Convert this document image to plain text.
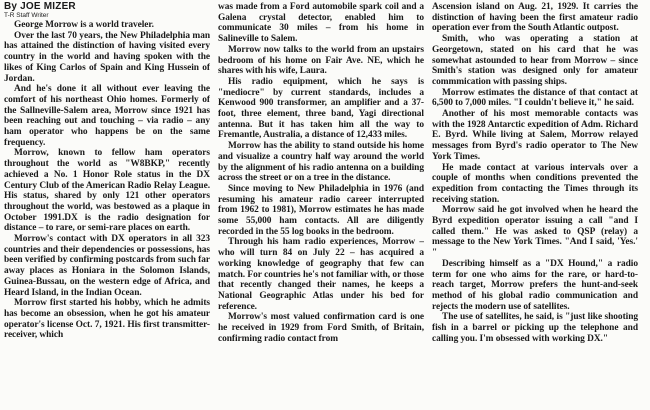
By JOE MIZER
T-R Staff Writer

George Morrow is a world traveler.

Over the last 70 years, the New Philadelphia man has attained the distinction of having visited every country in the world and having spoken with the likes of King Carlos of Spain and King Hussein of Jordan.

And he's done it all without ever leaving the comfort of his northeast Ohio homes. Formerly of the Sallneville-Salem area, Morrow since 1921 has been reaching out and touching – via radio – any ham operator who happens be on the same frequency.

Morrow, known to fellow ham operators throughout the world as "W8BKP," recently achieved a No. 1 Honor Role status in the DX Century Club of the American Radio Relay League. His status, shared by only 121 other operators throughout the world, was bestowed as a plaque in October 1991.DX is the radio designation for distance – to rare, or semi-rare places on earth.

Morrow's contact with DX operators in all 323 countries and their dependencies or possessions, has been verified by confirming postcards from such far away places as Honiara in the Solomon Islands, Guinea-Bussau, on the western edge of Africa, and Heard Island, in the Indian Ocean.

Morrow first started his hobby, which he admits has become an obsession, when he got his amateur operator's license Oct. 7, 1921. His first transmitter-receiver, which

was made from a Ford automobile spark coil and a Galena crystal detector, enabled him to communicate 30 miles – from his home in Salineville to Salem.

Morrow now talks to the world from an upstairs bedroom of his home on Fair Ave. NE, which he shares with his wife, Laura.

His radio equipment, which he says is "mediocre" by current standards, includes a Kenwood 900 transformer, an amplifier and a 37-foot, three element, three band, Yagi directional antenna. But it has taken him all the way to Fremantle, Australia, a distance of 12,433 miles.

Morrow has the ability to stand outside his home and visualize a country half way around the world by the alignment of his radio antenna on a building across the street or on a tree in the distance.

Since moving to New Philadelphia in 1976 (and resuming his amateur radio career interrupted from 1962 to 1981), Morrow estimates he has made some 55,000 ham contacts. All are diligently recorded in the 55 log books in the bedroom.

Through his ham radio experiences, Morrow – who will turn 84 on July 22 – has acquired a working knowledge of geography that few can match. For countries he's not familiar with, or those that recently changed their names, he keeps a National Geographic Atlas under his bed for reference.

Morrow's most valued confirmation card is one he received in 1929 from Ford Smith, of Britain, confirming radio contact from

Ascension island on Aug. 21, 1929. It carries the distinction of having been the first amateur radio operation ever from the South Atlantic outpost.

Smith, who was operating a station at Georgetown, stated on his card that he was somewhat astounded to hear from Morrow – since Smith's station was designed only for amateur commmication with passing ships.

Morrow estimates the distance of that contact at 6,500 to 7,000 miles. "I couldn't believe it," he said.

Another of his most memorable contacts was with the 1928 Antarctic expedition of Adm. Richard E. Byrd. While living at Salem, Morrow relayed messages from Byrd's radio operator to The New York Times.

He made contact at various intervals over a couple of months when conditions prevented the expedition from contacting the Times through its receiving station.

Morrow said he got involved when he heard the Byrd expedition operator issuing a call "and I called them." He was asked to QSP (relay) a message to the New York Times. "And I said, 'Yes.' "

Describing himself as a "DX Hound," a radio term for one who aims for the rare, or hard-to-reach target, Morrow prefers the hunt-and-seek method of his global radio communication and rejects the modern use of satellites.

The use of satellites, he said, is "just like shooting fish in a barrel or picking up the telephone and calling you. I'm obsessed with working DX."
